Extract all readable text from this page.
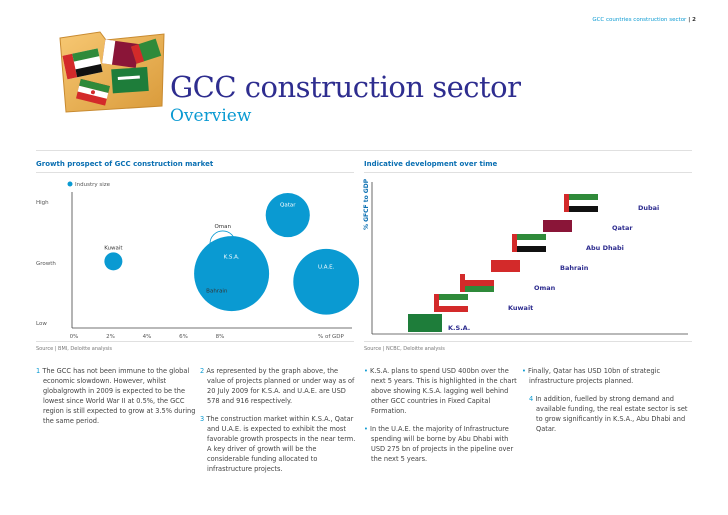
GCC countries construction sector | 2
GCC construction sector
Overview
Growth prospect of GCC construction market
Industry size
High
Growth
Low
Kuwait
Oman
K.S.A.
Qatar
U.A.E.
Bahrain
0%	2%	4%	6%	8%	% of GDP
Source | BMI, Deloitte analysis
Indicative development over time
% GFCF to GDP
K.S.A.
Kuwait
Oman
Bahrain
Abu Dhabi
Qatar
Dubai
Source | NCBC, Deloitte analysis

1 The GCC has not been immune to the global economic slowdown. However, whilst globalgrowth in 2009 is expected to be the lowest since World War II at 0.5%, the GCC region is still expected to grow at 3.5% during the same period.

2 As represented by the graph above, the value of projects planned or under way as of 20 July 2009 for K.S.A. and U.A.E. are USD 578 and 916 respectively.

3 The construction market within K.S.A., Qatar and U.A.E. is expected to exhibit the most favorable growth prospects in the near term. A key driver of growth will be the considerable funding allocated to infrastructure projects.

• K.S.A. plans to spend USD 400bn over the next 5 years. This is highlighted in the chart above showing K.S.A. lagging well behind other GCC countries in Fixed Capital Formation.

• In the U.A.E. the majority of Infrastructure spending will be borne by Abu Dhabi with USD 275 bn of projects in the pipeline over the next 5 years.

• Finally, Qatar has USD 10bn of strategic infrastructure projects planned.

4 In addition, fuelled by strong demand and available funding, the real estate sector is set to grow significantly in K.S.A., Abu Dhabi and Qatar.
